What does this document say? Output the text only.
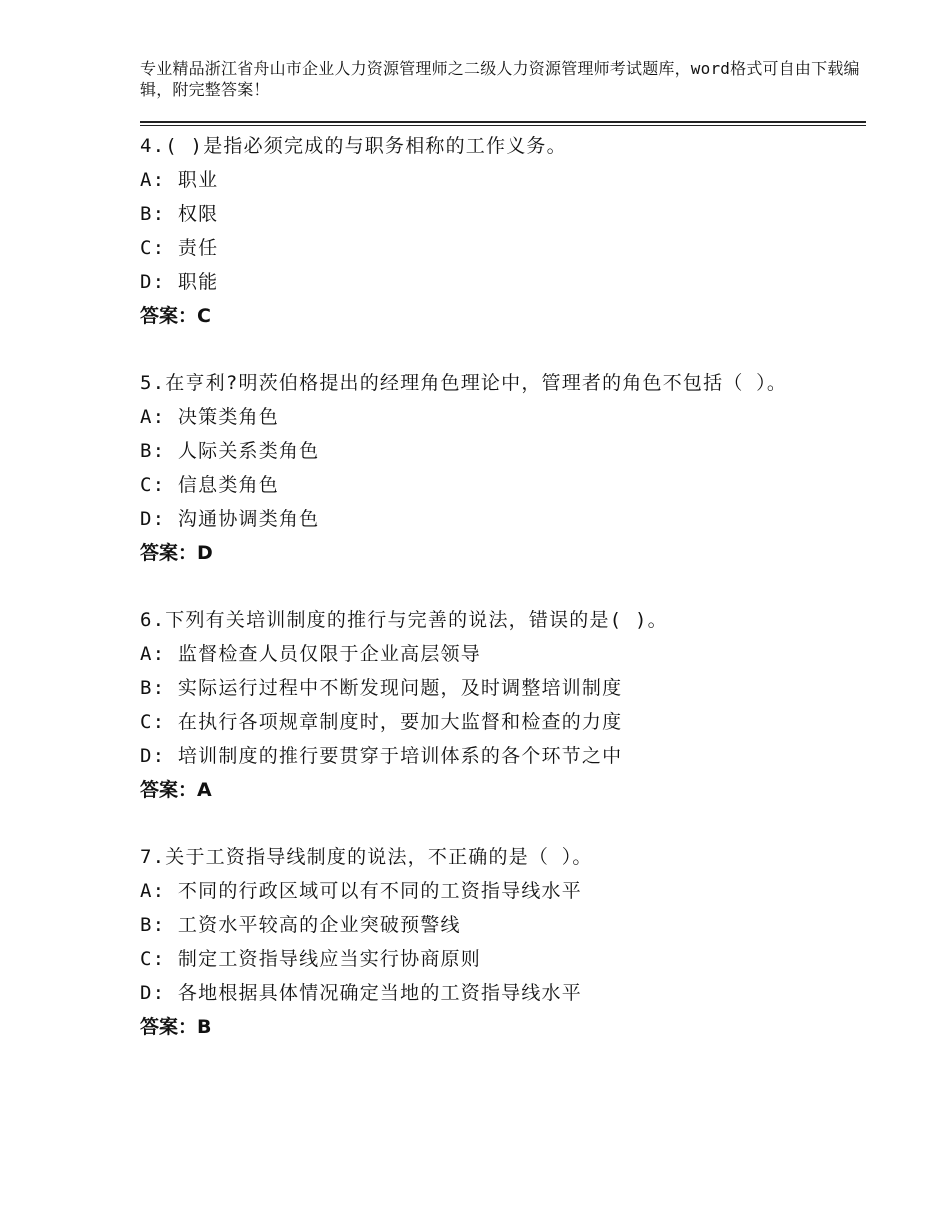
专业精品浙江省舟山市企业人力资源管理师之二级人力资源管理师考试题库，word格式可自由下载编辑，附完整答案！
4.( )是指必须完成的与职务相称的工作义务。
A: 职业
B: 权限
C: 责任
D: 职能
答案：C
5.在亨利?明茨伯格提出的经理角色理论中，管理者的角色不包括（ ）。
A: 决策类角色
B: 人际关系类角色
C: 信息类角色
D: 沟通协调类角色
答案：D
6.下列有关培训制度的推行与完善的说法，错误的是( )。
A: 监督检查人员仅限于企业高层领导
B: 实际运行过程中不断发现问题，及时调整培训制度
C: 在执行各项规章制度时，要加大监督和检查的力度
D: 培训制度的推行要贯穿于培训体系的各个环节之中
答案：A
7.关于工资指导线制度的说法，不正确的是（ ）。
A: 不同的行政区域可以有不同的工资指导线水平
B: 工资水平较高的企业突破预警线
C: 制定工资指导线应当实行协商原则
D: 各地根据具体情况确定当地的工资指导线水平
答案：B
